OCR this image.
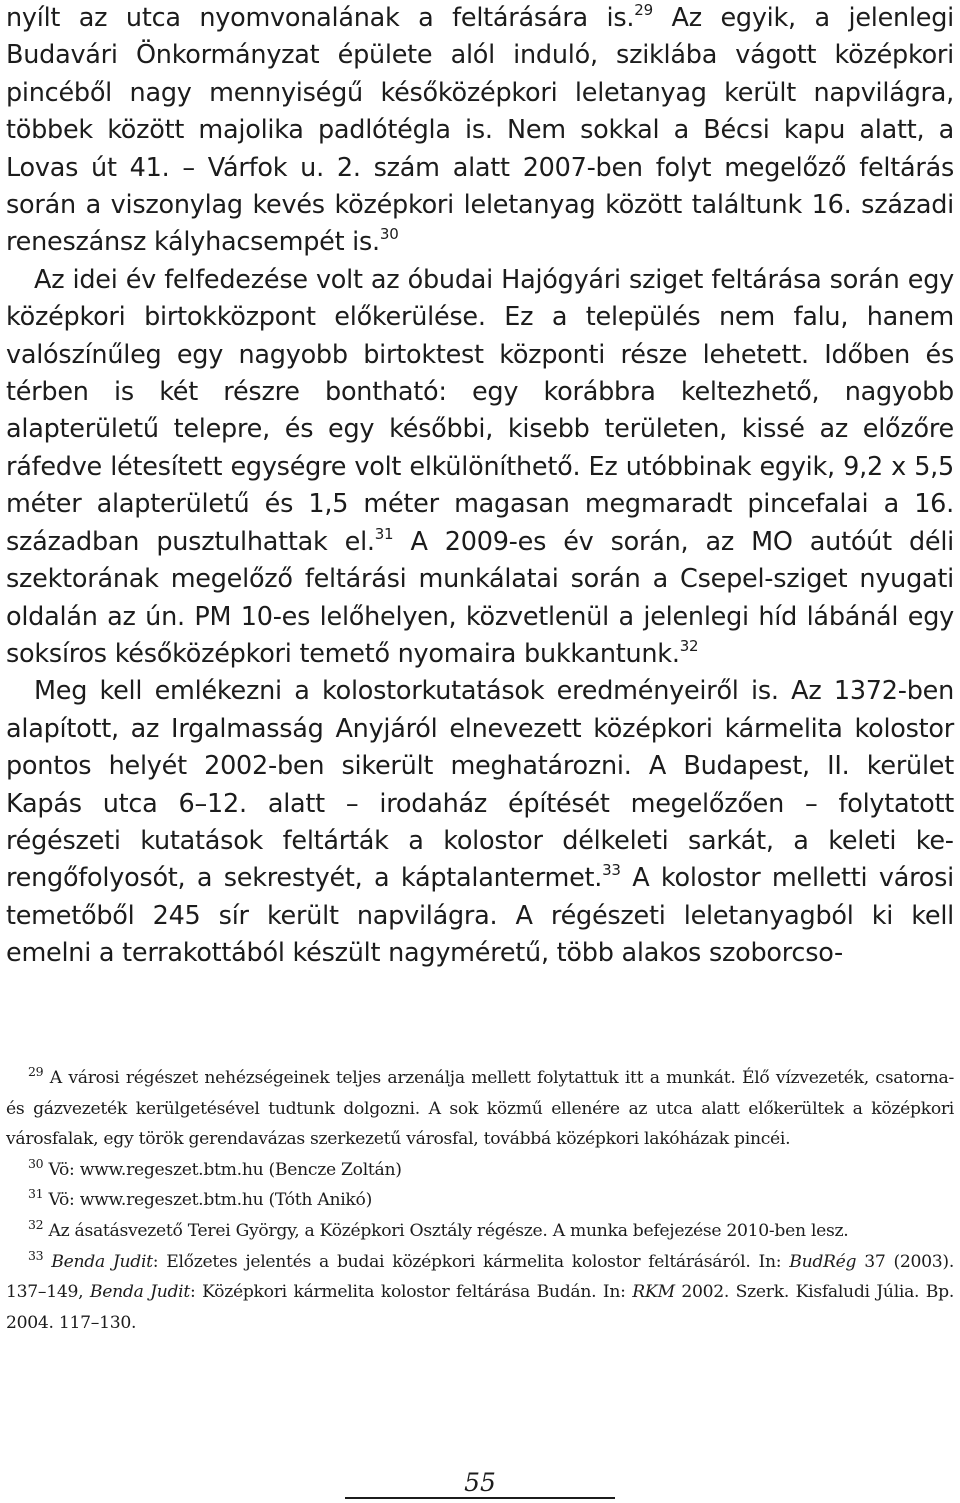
nyílt az utca nyomvonalának a feltárására is.$^{29}$ Az egyik, a jelenlegi Budavári Önkormányzat épülete alól induló, sziklába vágott középkori pincéből nagy mennyiségű későközépkori leletanyag került napvilágra, többek között majolika padlótégla is. Nem sokkal a Bécsi kapu alatt, a Lovas út 41. – Várfok u. 2. szám alatt 2007-ben folyt megelőző feltárás során a viszonylag kevés középkori leletanyag között találtunk 16. századi reneszánsz kályhacsempét is.$^{30}$

Az idei év felfedezése volt az óbudai Hajógyári sziget feltárása során egy középkori birtokközpont előkerülése. Ez a település nem falu, hanem valószínűleg egy nagyobb birtoktest központi része lehetett. Időben és térben is két részre bontható: egy korábbra keltezhető, nagyobb alapterületű telepre, és egy későbbi, kisebb területen, kissé az előzőre ráfedve létesített egységre volt elkülöníthető. Ez utóbbinak egyik, 9,2 x 5,5 méter alapterületű és 1,5 méter magasan megmaradt pincefalai a 16. században pusztulhattak el.$^{31}$ A 2009-es év során, az MO autóút déli szektorának megelőző feltárási munkálatai során a Csepel-sziget nyugati oldalán az ún. PM 10-es lelőhelyen, közvetlenül a jelenlegi híd lábánál egy soksíros későközépkori temető nyomaira bukkantunk.$^{32}$

Meg kell emlékezni a kolostorkutatások eredményeiről is. Az 1372-ben alapított, az Irgalmasság Anyjáról elnevezett középkori kármelita kolostor pontos helyét 2002-ben sikerült meghatározni. A Budapest, II. kerület Kapás utca 6–12. alatt – irodaház építését megelőzően – folytatott régészeti kutatások feltárták a kolostor délkeleti sarkát, a keleti kerengőfolyosót, a sekrestyét, a káptalantermet.$^{33}$ A kolostor melletti városi temetőből 245 sír került napvilágra. A régészeti leletanyagból ki kell emelni a terrakottából készült nagyméretű, több alakos szoborcso-

$^{29}$ A városi régészet nehézségeinek teljes arzenálja mellett folytattuk itt a munkát. Élő vízvezeték, csatorna- és gázvezeték kerülgetésével tudtunk dolgozni. A sok közmű ellenére az utca alatt előkerültek a középkori városfalak, egy török gerendavázas szerkezetű városfal, továbbá középkori lakóházak pincéi.

$^{30}$ Vö: www.regeszet.btm.hu (Bencze Zoltán)

$^{31}$ Vö: www.regeszet.btm.hu (Tóth Anikó)

$^{32}$ Az ásatásvezető Terei György, a Középkori Osztály régésze. A munka befejezése 2010-ben lesz.

$^{33}$ Benda Judit: Előzetes jelentés a budai középkori kármelita kolostor feltárásáról. In: BudRég 37 (2003). 137–149, Benda Judit: Középkori kármelita kolostor feltárása Budán. In: RKM 2002. Szerk. Kisfaludi Júlia. Bp. 2004. 117–130.

55
